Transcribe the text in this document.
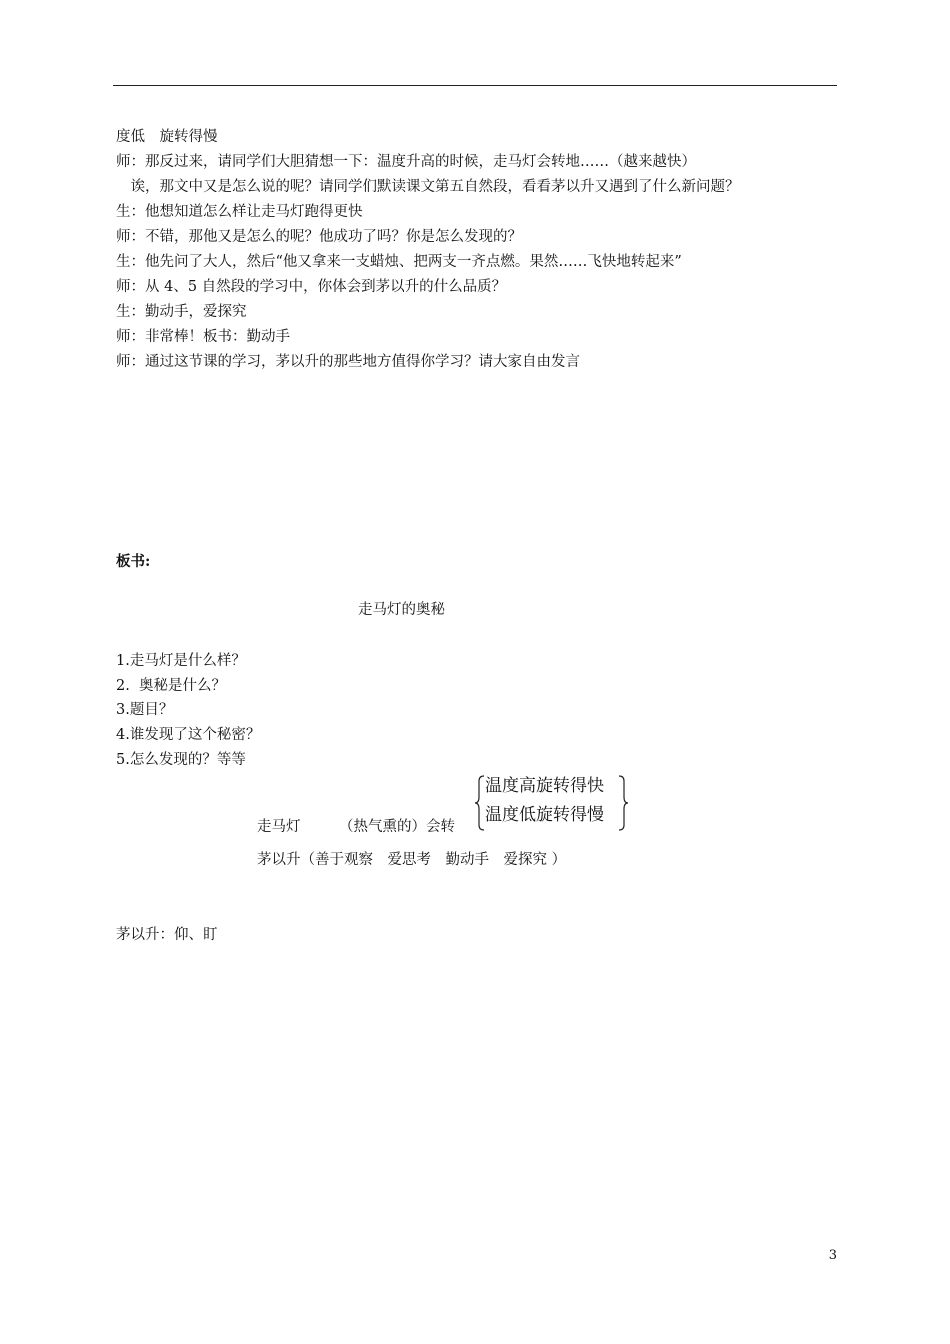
度低　旋转得慢
师：那反过来，请同学们大胆猜想一下：温度升高的时候，走马灯会转地……（越来越快）
　诶，那文中又是怎么说的呢？请同学们默读课文第五自然段，看看茅以升又遇到了什么新问题？
生：他想知道怎么样让走马灯跑得更快
师：不错，那他又是怎么的呢？他成功了吗？你是怎么发现的？
生：他先问了大人，然后“他又拿来一支蜡烛、把两支一齐点燃。果然……飞快地转起来”
师：从 4、5 自然段的学习中，你体会到茅以升的什么品质？
生：勤动手，爱探究
师：非常棒！板书：勤动手
师：通过这节课的学习，茅以升的那些地方值得你学习？请大家自由发言
板书:
走马灯的奥秘
1.走马灯是什么样？
2.  奥秘是什么？
3.题目？
4.谁发现了这个秘密？
5.怎么发现的？等等
温度高旋转得快
温度低旋转得慢
走马灯	（热气熏的）会转
茅以升（善于观察　爱思考　勤动手　爱探究 ）
茅以升：仰、盯
3
